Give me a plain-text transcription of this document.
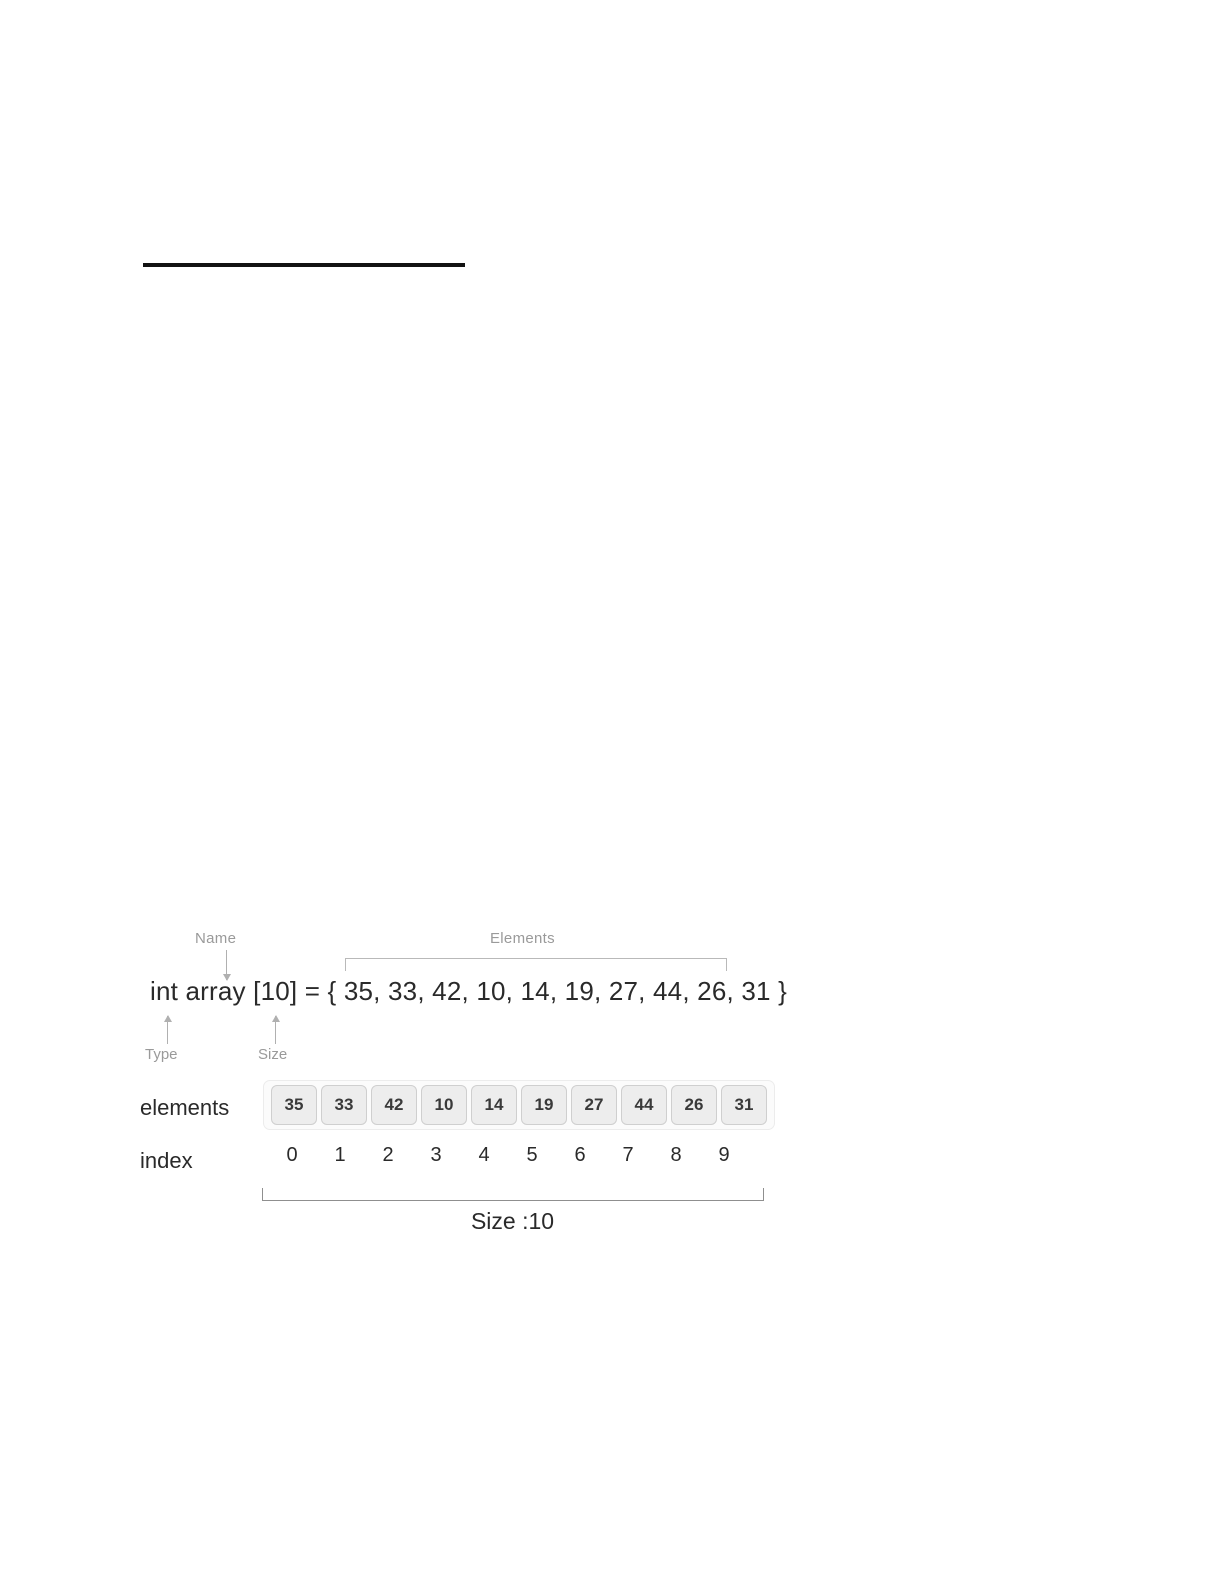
Name	Elements
int array [10] = { 35, 33, 42, 10, 14, 19, 27, 44, 26, 31 }
Type	Size
elements	35	33	42	10	14	19	27	44	26	31
index	0	1	2	3	4	5	6	7	8	9
Size :10
